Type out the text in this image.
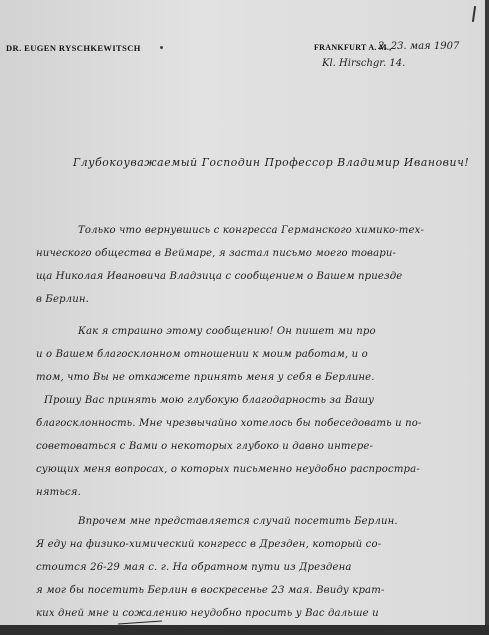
DR. EUGEN RYSCHKEWITSCH	FRANKFURT A. M.,
2. 23. мая 1907
Kl. Hirschgr. 14.
Глубокоуважаемый Господин Профессор Владимир Иванович!
Только что вернувшись с конгресса Германского химико-тех-
нического общества в Веймаре, я застал письмо моего товари-
ща Николая Ивановича Владзица с сообщением о Вашем приезде
в Берлин.
Как я страшно этому сообщению! Он пишет ми про
и о Вашем благосклонном отношении к моим работам, и о
том, что Вы не откажете принять меня у себя в Берлине.
Прошу Вас принять мою глубокую благодарность за Вашу
благосклонность. Мне чрезвычайно хотелось бы побеседовать и по-
советоваться с Вами о некоторых глубоко и давно интере-
сующих меня вопросах, о которых письменно неудобно распростра-
няться.
Впрочем мне представляется случай посетить Берлин.
Я еду на физико-химический конгресс в Дрезден, который со-
стоится 26-29 мая с. г. На обратном пути из Дрездена
я мог бы посетить Берлин в воскресенье 23 мая. Ввиду крат-
ких дней мне и сожалению неудобно просить у Вас дальше и
